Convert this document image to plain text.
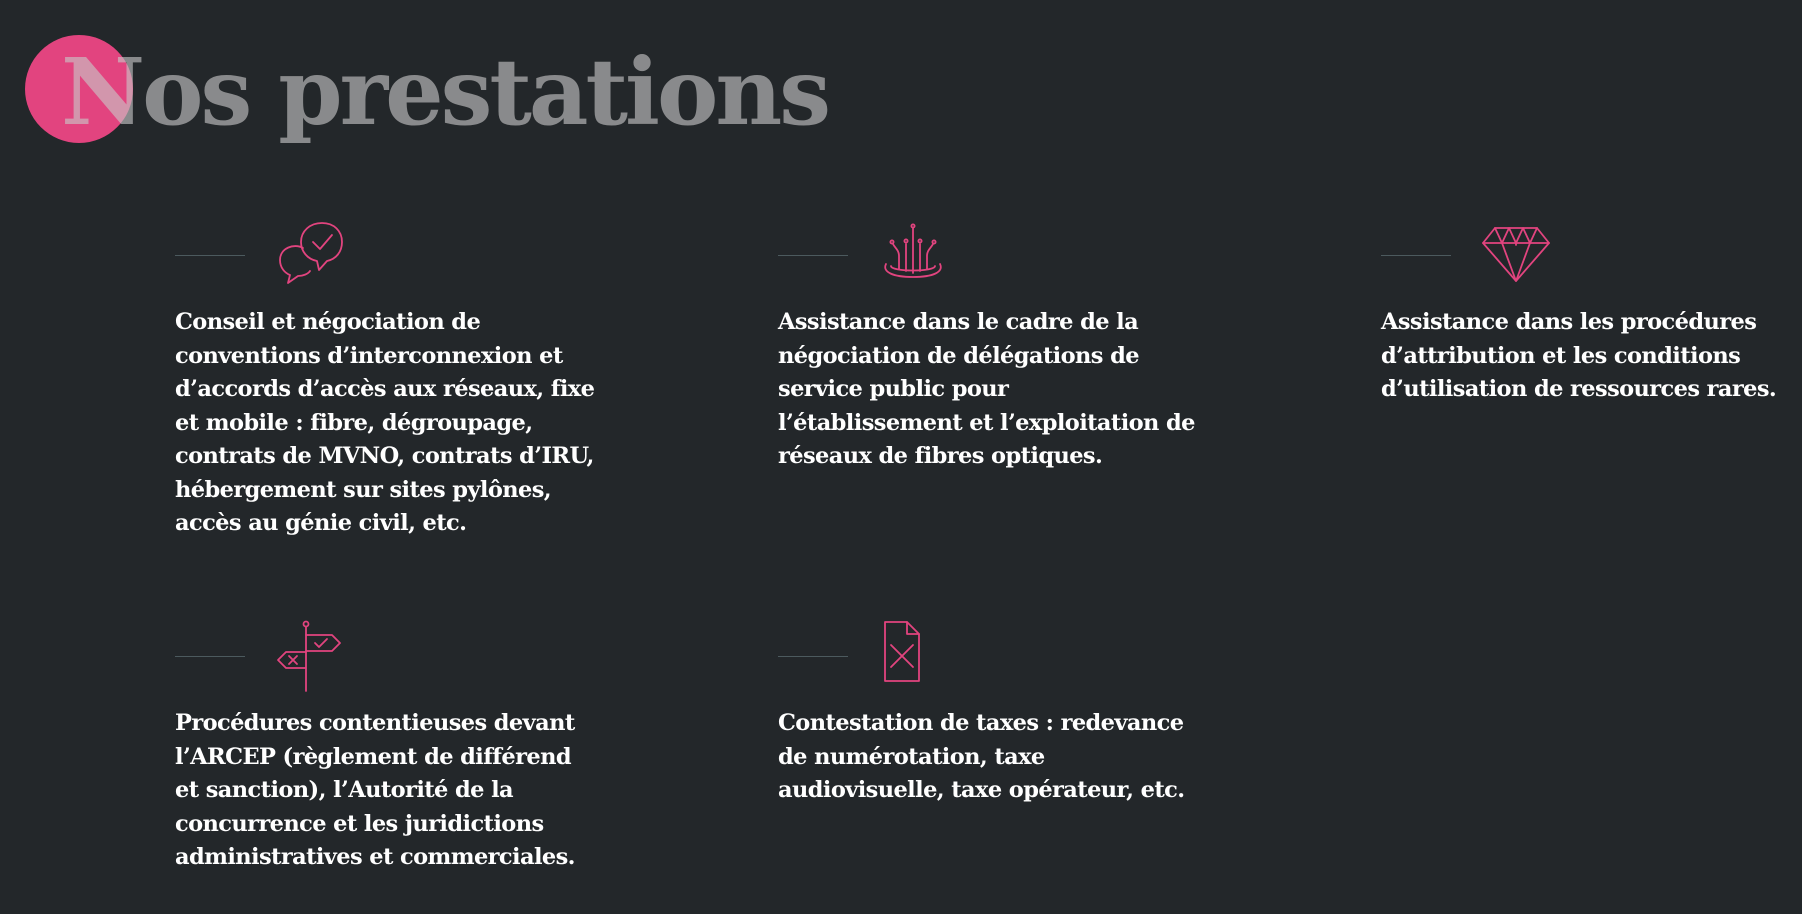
Nos prestations

Conseil et négociation de conventions d’interconnexion et d’accords d’accès aux réseaux, fixe et mobile : fibre, dégroupage, contrats de MVNO, contrats d’IRU, hébergement sur sites pylônes, accès au génie civil, etc.

Assistance dans le cadre de la négociation de délégations de service public pour l’établissement et l’exploitation de réseaux de fibres optiques.

Assistance dans les procédures d’attribution et les conditions d’utilisation de ressources rares.

Procédures contentieuses devant l’ARCEP (règlement de différend et sanction), l’Autorité de la concurrence et les juridictions administratives et commerciales.

Contestation de taxes : redevance de numérotation, taxe audiovisuelle, taxe opérateur, etc.
